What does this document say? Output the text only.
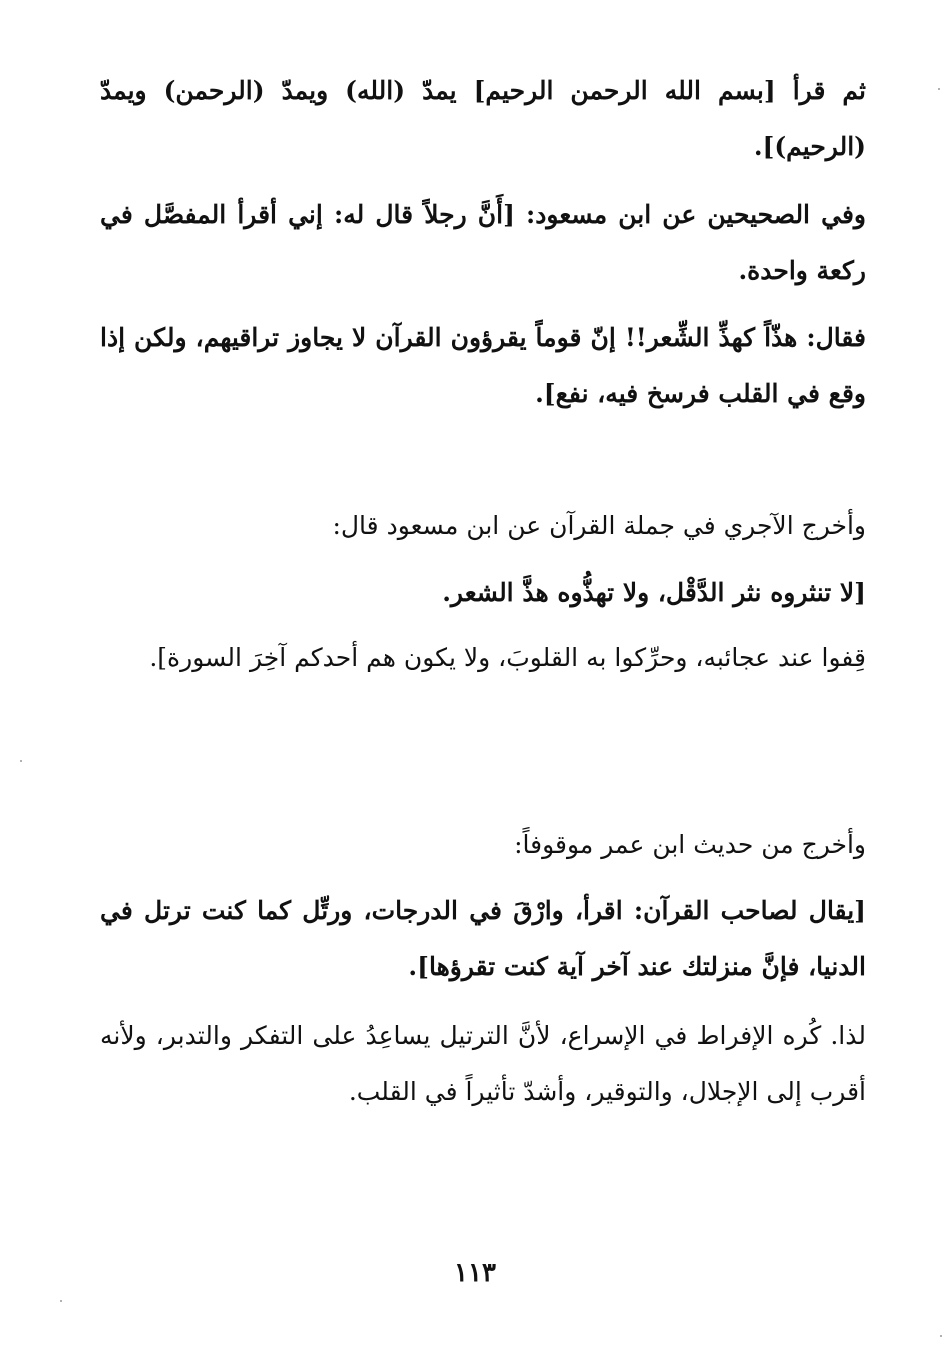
ثم قرأ [بسم الله الرحمن الرحيم] يمدّ (الله) ويمدّ (الرحمن) ويمدّ (الرحيم)].

وفي الصحيحين عن ابن مسعود: [أَنَّ رجلاً قال له: إني أقرأ المفصَّل في ركعة واحدة.

فقال: هذّاً كهذِّ الشِّعر!! إنّ قوماً يقرؤون القرآن لا يجاوز تراقيهم، ولكن إذا وقع في القلب فرسخ فيه، نفع].

وأخرج الآجري في جملة القرآن عن ابن مسعود قال:

[لا تنثروه نثر الدَّقْل، ولا تهذُّوه هذَّ الشعر.

قِفوا عند عجائبه، وحرِّكوا به القلوبَ، ولا يكون هم أحدكم آخِرَ السورة].

وأخرج من حديث ابن عمر موقوفاً:

[يقال لصاحب القرآن: اقرأ، وارْقَ في الدرجات، ورتِّل كما كنت ترتل في الدنيا، فإنَّ منزلتك عند آخر آية كنت تقرؤها].

لذا. كُره الإفراط في الإسراع، لأنَّ الترتيل يساعِدُ على التفكر والتدبر، ولأنه أقرب إلى الإجلال، والتوقير، وأشدّ تأثيراً في القلب.

١١٣
